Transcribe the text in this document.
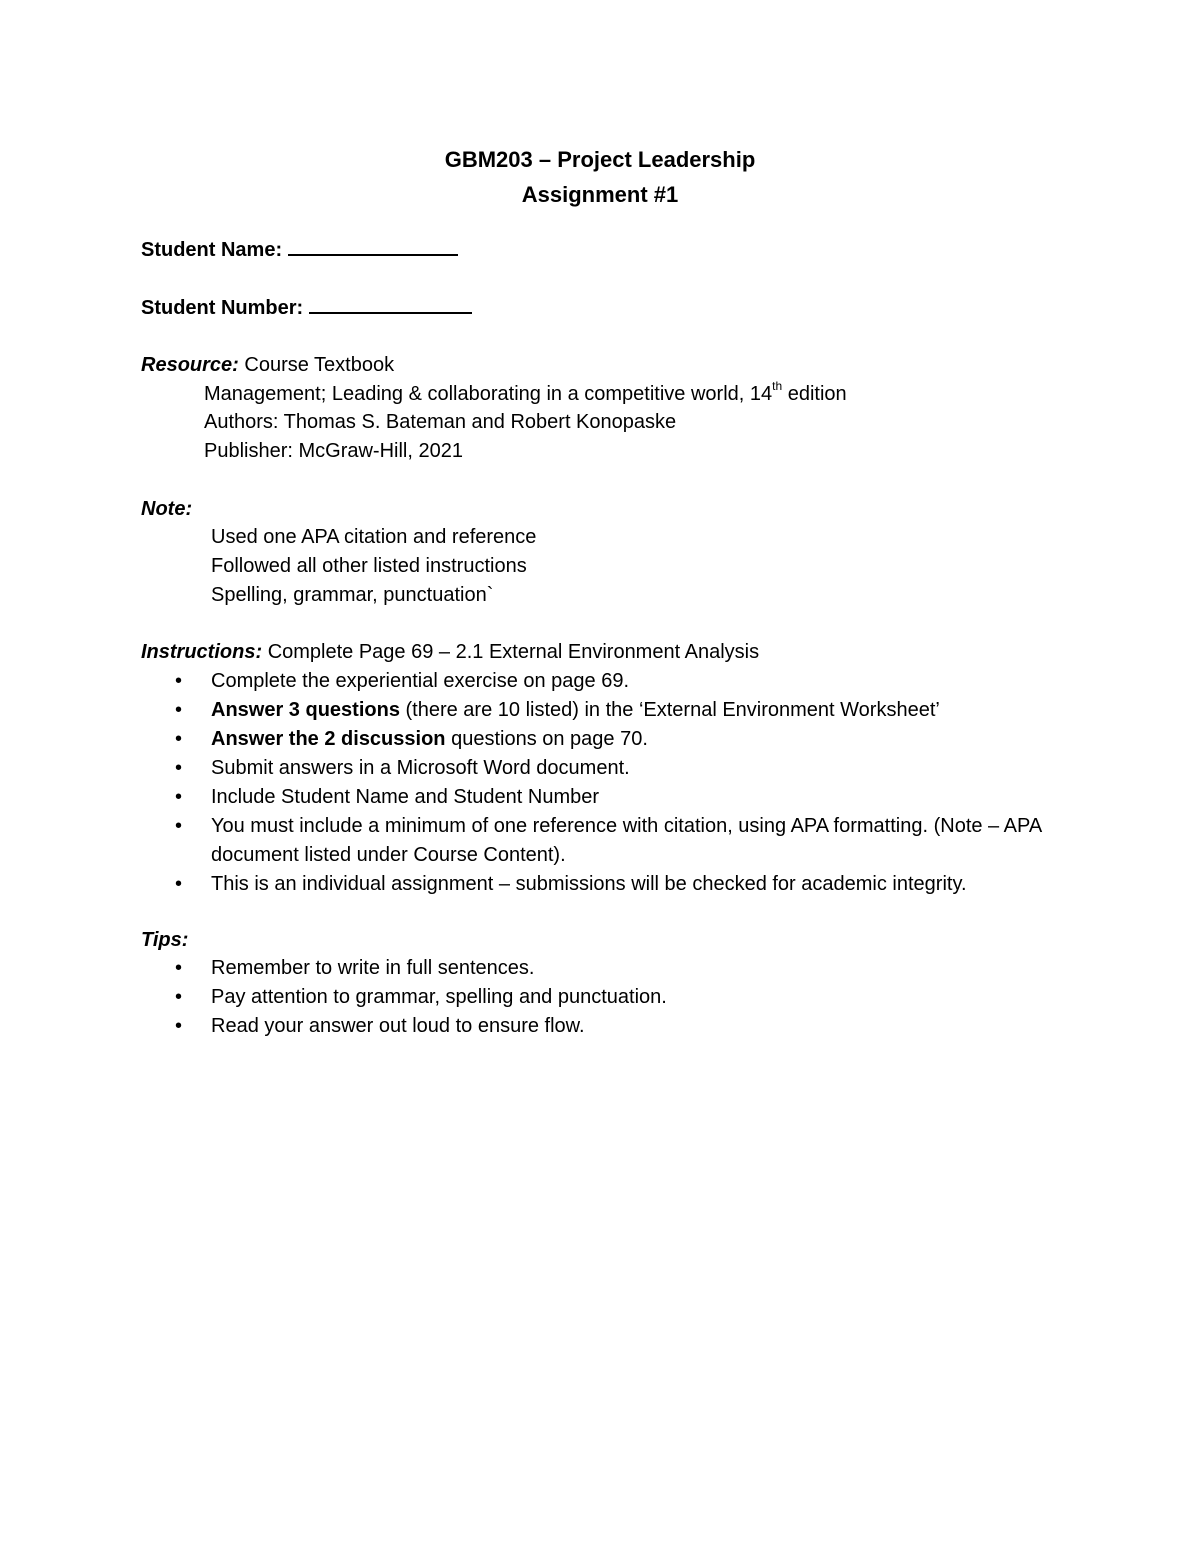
GBM203 – Project Leadership
Assignment #1
Student Name:
Student Number:
Resource: Course Textbook
Management; Leading & collaborating in a competitive world, 14th edition
Authors: Thomas S. Bateman and Robert Konopaske
Publisher: McGraw-Hill, 2021
Note:
Used one APA citation and reference
Followed all other listed instructions
Spelling, grammar, punctuation`
Instructions: Complete Page 69 – 2.1 External Environment Analysis
• Complete the experiential exercise on page 69.
• Answer 3 questions (there are 10 listed) in the ‘External Environment Worksheet’
• Answer the 2 discussion questions on page 70.
• Submit answers in a Microsoft Word document.
• Include Student Name and Student Number
• You must include a minimum of one reference with citation, using APA formatting. (Note – APA document listed under Course Content).
• This is an individual assignment – submissions will be checked for academic integrity.
Tips:
• Remember to write in full sentences.
• Pay attention to grammar, spelling and punctuation.
• Read your answer out loud to ensure flow.
